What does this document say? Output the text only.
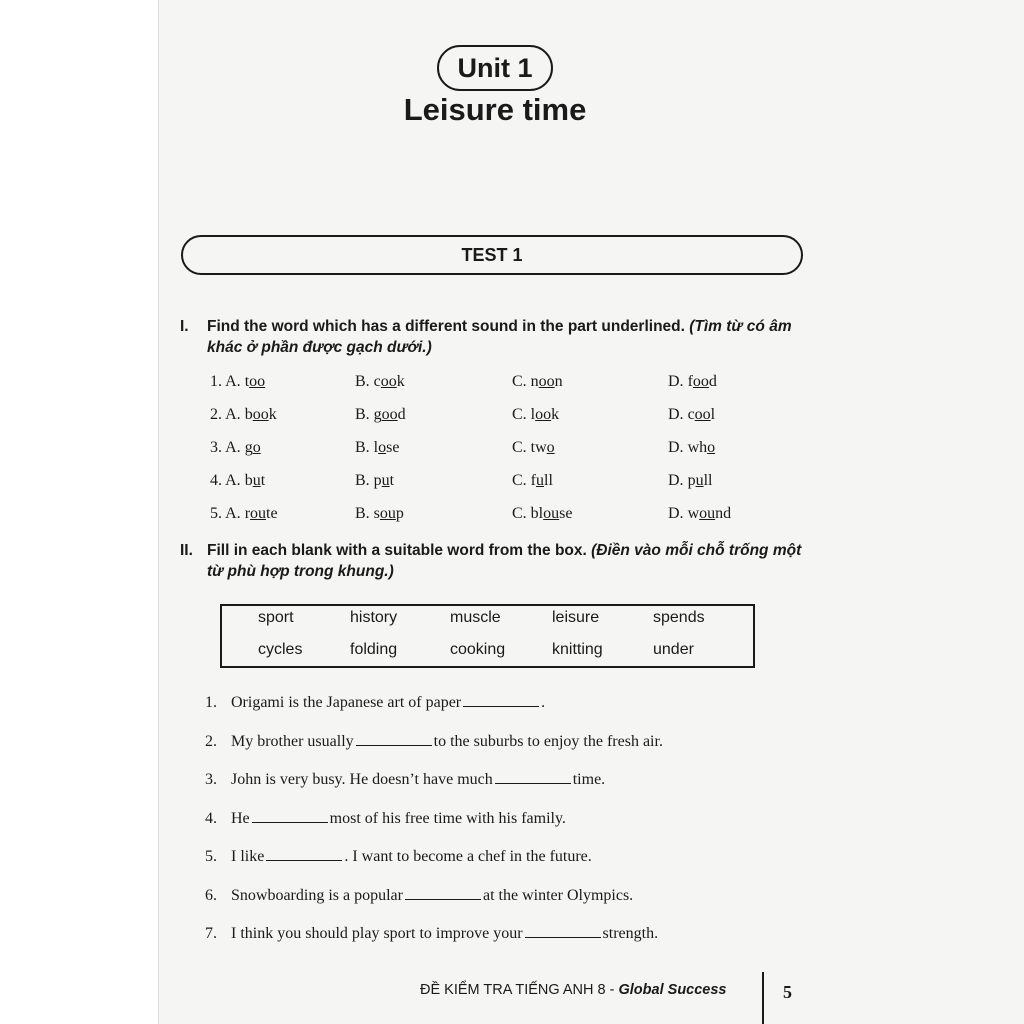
Unit 1
Leisure time
TEST 1
I. Find the word which has a different sound in the part underlined. (Tìm từ có âm khác ở phần được gạch dưới.)
1. A. too	B. cook	C. noon	D. food
2. A. book	B. good	C. look	D. cool
3. A. go	B. lose	C. two	D. who
4. A. but	B. put	C. full	D. pull
5. A. route	B. soup	C. blouse	D. wound
II. Fill in each blank with a suitable word from the box. (Điền vào mỗi chỗ trống một từ phù hợp trong khung.)
sport	history	muscle	leisure	spends
cycles	folding	cooking	knitting	under
1. Origami is the Japanese art of paper	.
2. My brother usually	to the suburbs to enjoy the fresh air.
3. John is very busy. He doesn’t have much	time.
4. He	most of his free time with his family.
5. I like	. I want to become a chef in the future.
6. Snowboarding is a popular	at the winter Olympics.
7. I think you should play sport to improve your	strength.
ĐỀ KIỂM TRA TIẾNG ANH 8 - Global Success	5
